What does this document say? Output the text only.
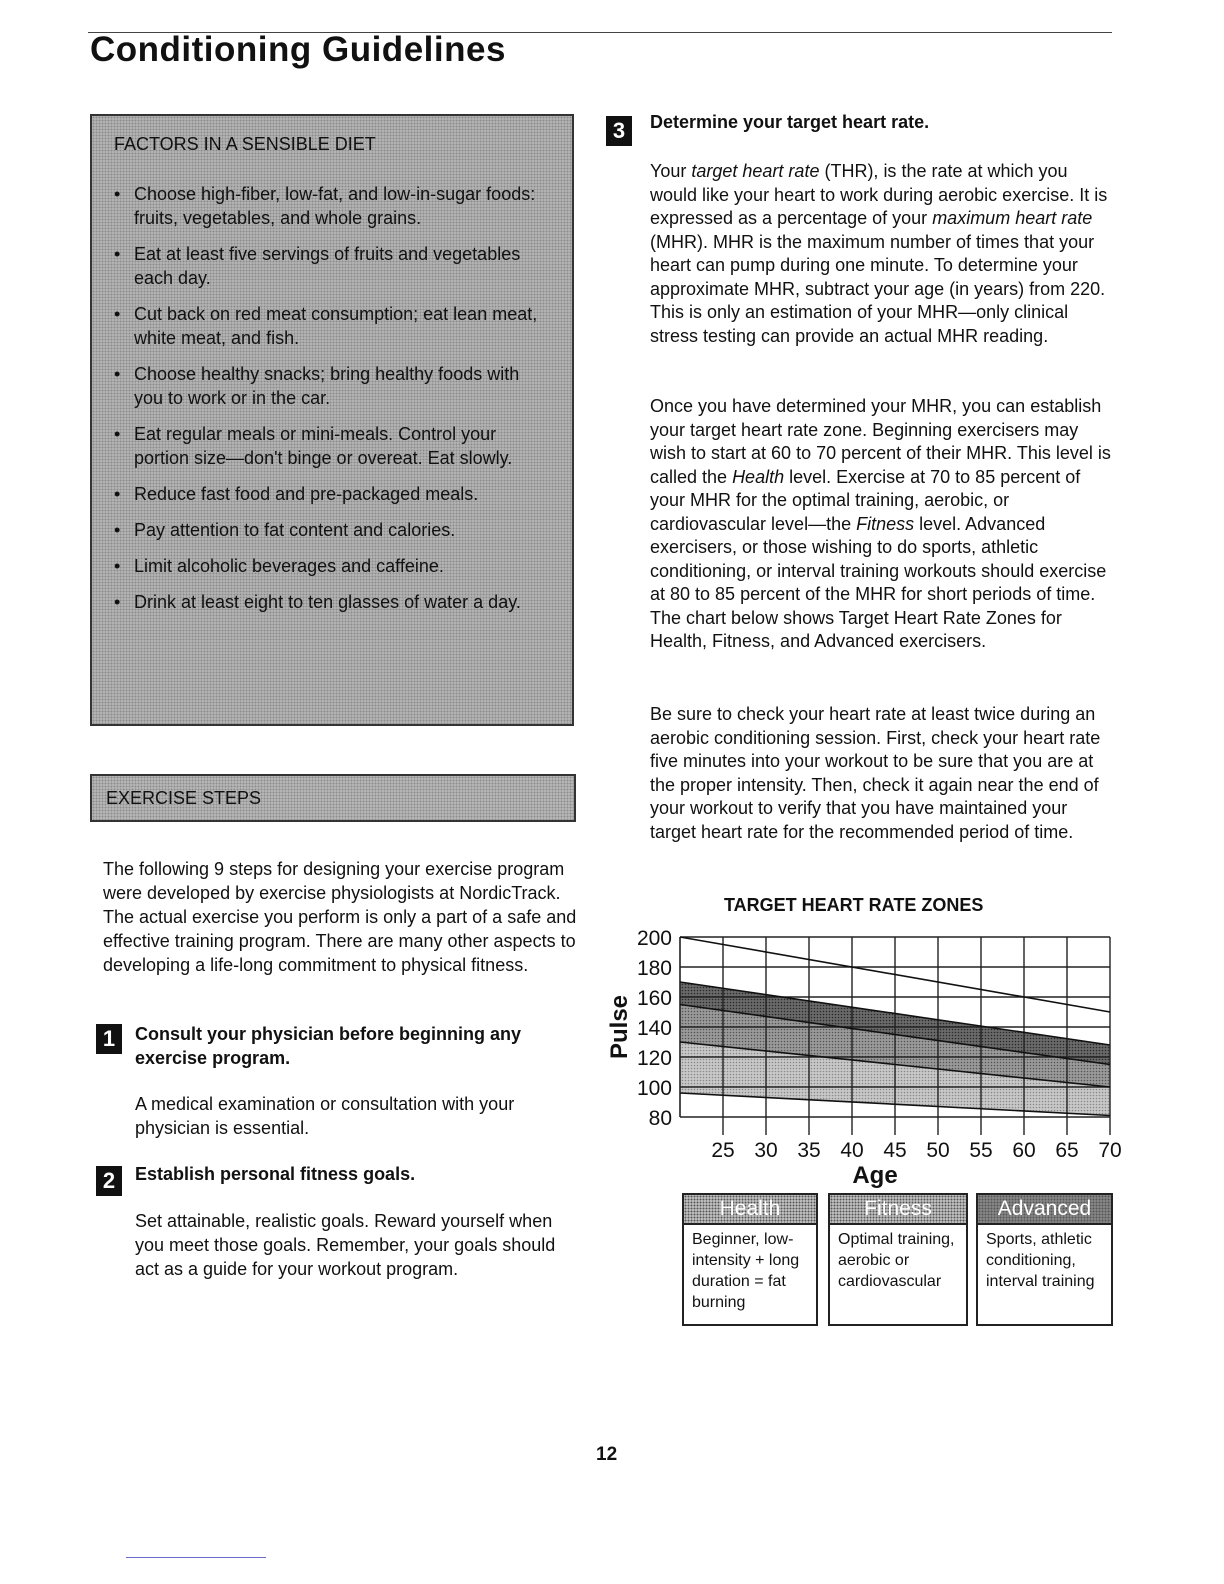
Conditioning Guidelines
FACTORS IN A SENSIBLE DIET
• Choose high-fiber, low-fat, and low-in-sugar foods: fruits, vegetables, and whole grains.
• Eat at least five servings of fruits and vegetables each day.
• Cut back on red meat consumption; eat lean meat, white meat, and fish.
• Choose healthy snacks; bring healthy foods with you to work or in the car.
• Eat regular meals or mini-meals. Control your portion size—don't binge or overeat. Eat slowly.
• Reduce fast food and pre-packaged meals.
• Pay attention to fat content and calories.
• Limit alcoholic beverages and caffeine.
• Drink at least eight to ten glasses of water a day.
EXERCISE STEPS

The following 9 steps for designing your exercise program were developed by exercise physiologists at NordicTrack. The actual exercise you perform is only a part of a safe and effective training program. There are many other aspects to developing a life-long commitment to physical fitness.

1	Consult your physician before beginning any exercise program.

A medical examination or consultation with your physician is essential.

2	Establish personal fitness goals.

Set attainable, realistic goals. Reward yourself when you meet those goals. Remember, your goals should act as a guide for your workout program.

3	Determine your target heart rate.

Your target heart rate (THR), is the rate at which you would like your heart to work during aerobic exercise. It is expressed as a percentage of your maximum heart rate (MHR). MHR is the maximum number of times that your heart can pump during one minute. To determine your approximate MHR, subtract your age (in years) from 220. This is only an estimation of your MHR—only clinical stress testing can provide an actual MHR reading.

Once you have determined your MHR, you can establish your target heart rate zone. Beginning exercisers may wish to start at 60 to 70 percent of their MHR. This level is called the Health level. Exercise at 70 to 85 percent of your MHR for the optimal training, aerobic, or cardiovascular level—the Fitness level. Advanced exercisers, or those wishing to do sports, athletic conditioning, or interval training workouts should exercise at 80 to 85 percent of the MHR for short periods of time. The chart below shows Target Heart Rate Zones for Health, Fitness, and Advanced exercisers.

Be sure to check your heart rate at least twice during an aerobic conditioning session. First, check your heart rate five minutes into your workout to be sure that you are at the proper intensity. Then, check it again near the end of your workout to verify that you have maintained your target heart rate for the recommended period of time.

TARGET HEART RATE ZONES
200
180
160
140
120
100
80
25 30 35 40 45 50 55 60 65 70
Age
Pulse
Health
Beginner, low-intensity + long duration = fat burning
Fitness
Optimal training, aerobic or cardiovascular
Advanced
Sports, athletic conditioning, interval training
12
